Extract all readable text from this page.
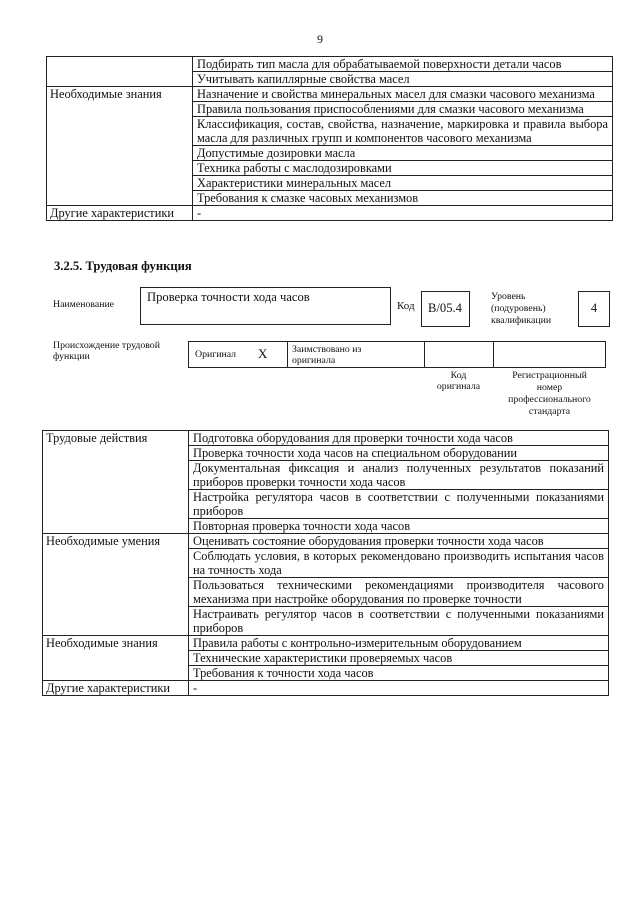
9
	Подбирать тип масла для обрабатываемой поверхности детали часов
	Учитывать капиллярные свойства масел
Необходимые знания	Назначение и свойства минеральных масел для смазки часового механизма
	Правила пользования приспособлениями для смазки часового механизма
	Классификация, состав, свойства, назначение, маркировка и правила выбора масла для различных групп и компонентов часового механизма
	Допустимые дозировки масла
	Техника работы с маслодозировками
	Характеристики минеральных масел
	Требования к смазке часовых механизмов
Другие характеристики	-
3.2.5. Трудовая функция
Наименование
Проверка точности хода часов
Код B/05.4
Уровень
(подуровень)
квалификации
4
Происхождение трудовой функции	Оригинал X	Заимствовано из оригинала
Код
оригинала
Регистрационный
номер
профессионального
стандарта
Трудовые действия	Подготовка оборудования для проверки точности хода часов
	Проверка точности хода часов на специальном оборудовании
	Документальная фиксация и анализ полученных результатов показаний приборов проверки точности хода часов
	Настройка регулятора часов в соответствии с полученными показаниями приборов
	Повторная проверка точности хода часов
Необходимые умения	Оценивать состояние оборудования проверки точности хода часов
	Соблюдать условия, в которых рекомендовано производить испытания часов на точность хода
	Пользоваться техническими рекомендациями производителя часового механизма при настройке оборудования по проверке точности
	Настраивать регулятор часов в соответствии с полученными показаниями приборов
Необходимые знания	Правила работы с контрольно-измерительным оборудованием
	Технические характеристики проверяемых часов
	Требования к точности хода часов
Другие характеристики	-
